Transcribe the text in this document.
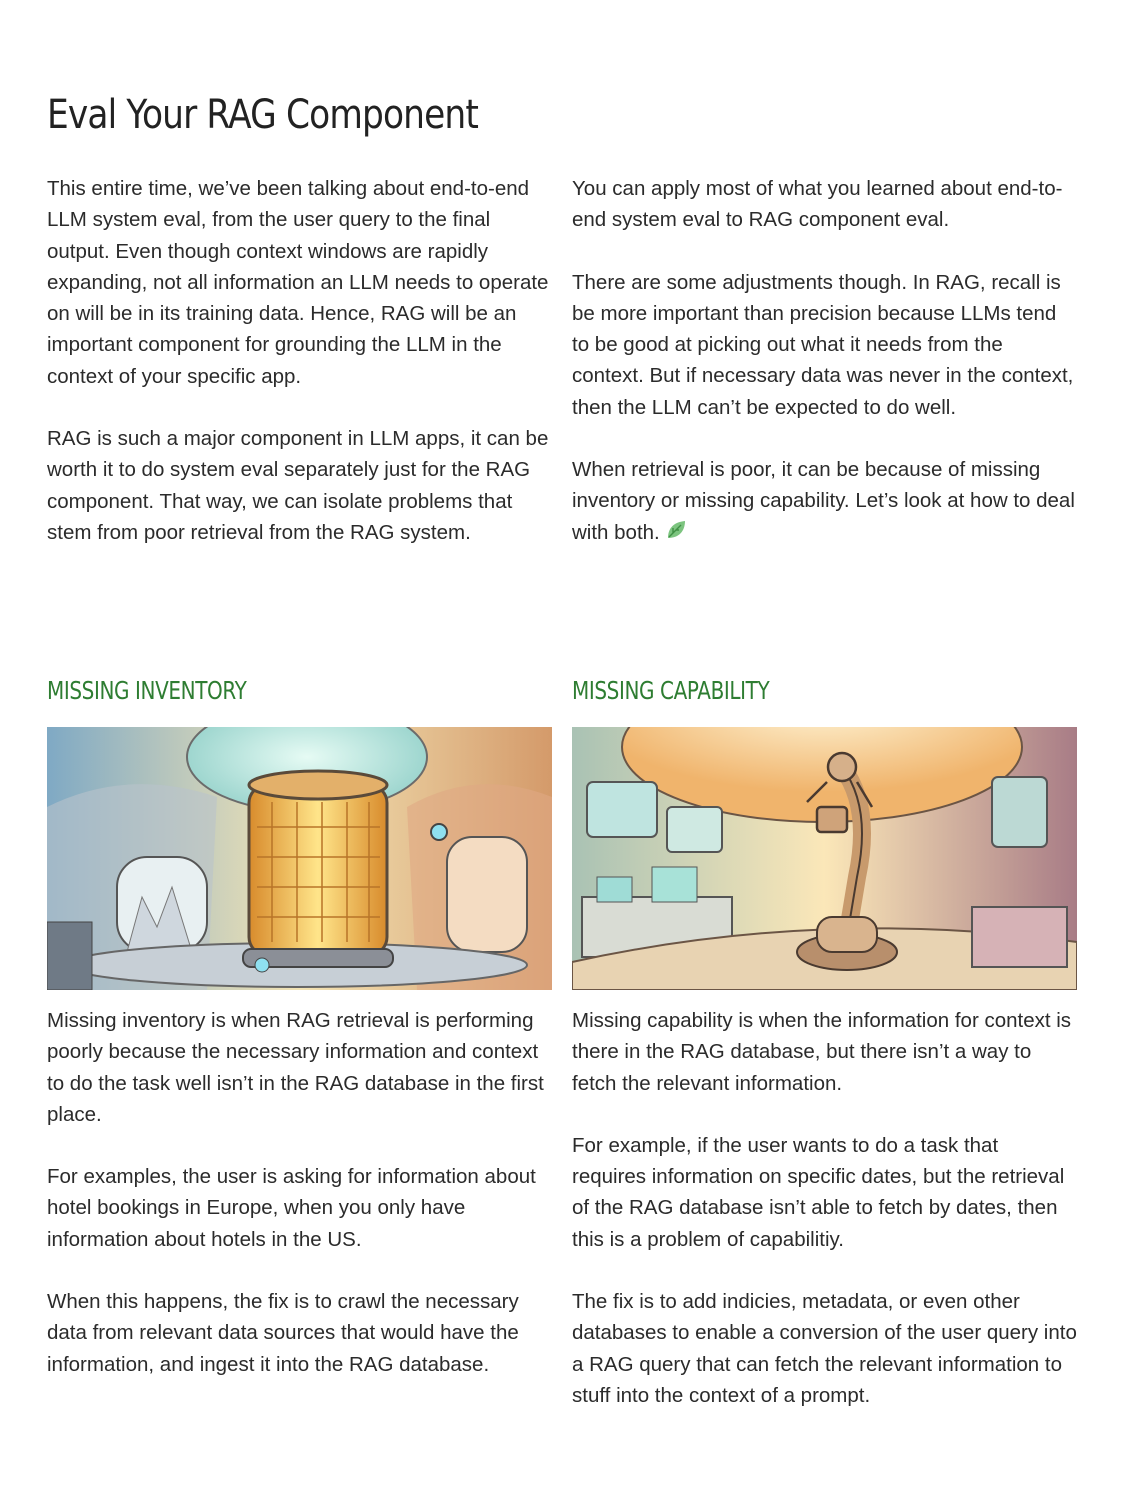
Eval Your RAG Component

This entire time, we’ve been talking about end-to-end LLM system eval, from the user query to the final output. Even though context windows are rapidly expanding, not all information an LLM needs to operate on will be in its training data. Hence, RAG will be an important component for grounding the LLM in the context of your specific app.

RAG is such a major component in LLM apps, it can be worth it to do system eval separately just for the RAG component. That way, we can isolate problems that stem from poor retrieval from the RAG system.

You can apply most of what you learned about end-to-end system eval to RAG component eval.

There are some adjustments though. In RAG, recall is be more important than precision because LLMs tend to be good at picking out what it needs from the context. But if necessary data was never in the context, then the LLM can’t be expected to do well.

When retrieval is poor, it can be because of missing inventory or missing capability. Let’s look at how to deal with both.

MISSING INVENTORY	MISSING CAPABILITY

Missing inventory is when RAG retrieval is performing poorly because the necessary information and context to do the task well isn’t in the RAG database in the first place.

For examples, the user is asking for information about hotel bookings in Europe, when you only have information about hotels in the US.

When this happens, the fix is to crawl the necessary data from relevant data sources that would have the information, and ingest it into the RAG database.

Missing capability is when the information for context is there in the RAG database, but there isn’t a way to fetch the relevant information.

For example, if the user wants to do a task that requires information on specific dates, but the retrieval of the RAG database isn’t able to fetch by dates, then this is a problem of capabilitiy.

The fix is to add indicies, metadata, or even other databases to enable a conversion of the user query into a RAG query that can fetch the relevant information to stuff into the context of a prompt.
